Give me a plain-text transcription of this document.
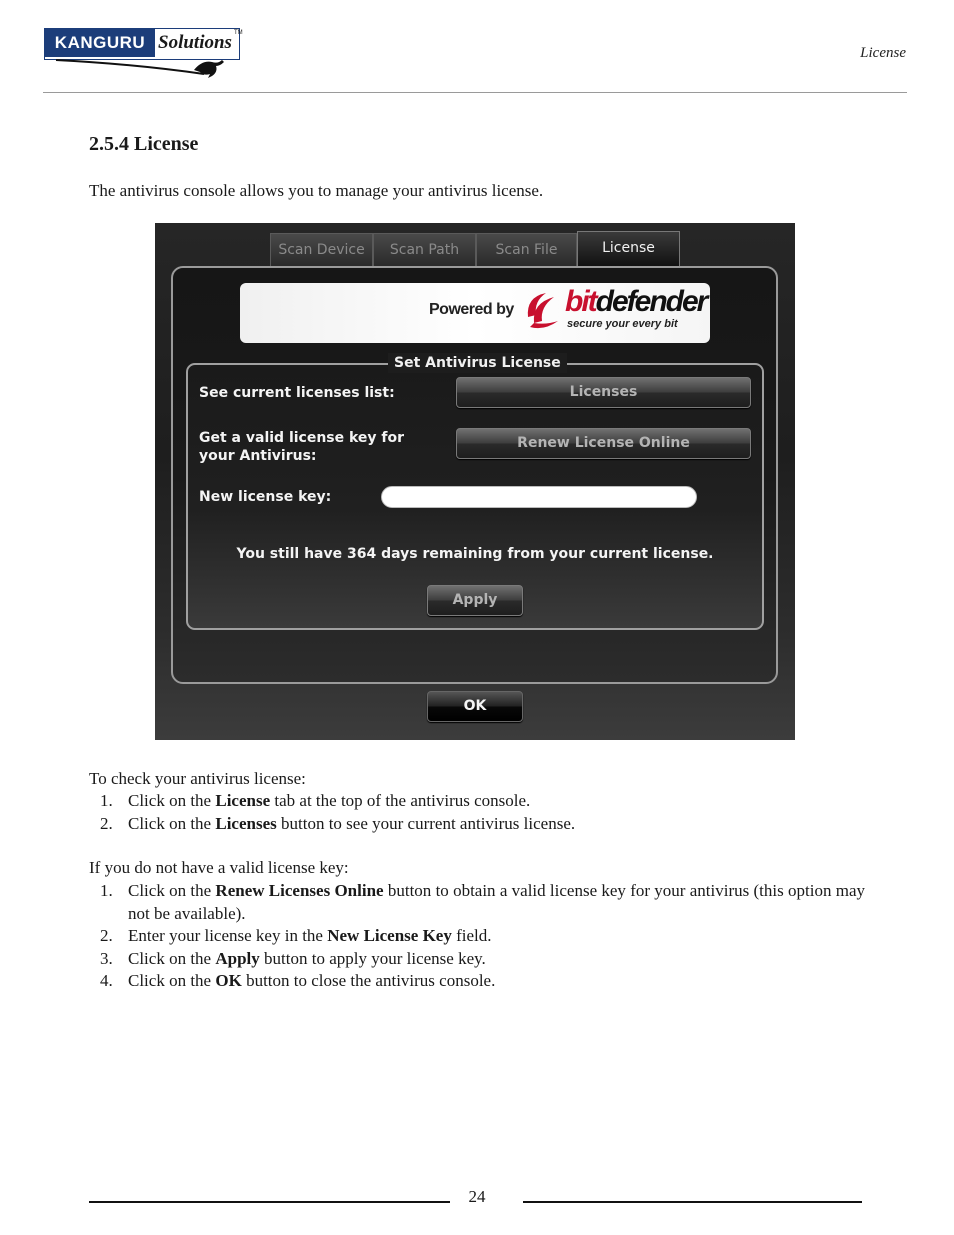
KANGURU Solutions TM
License
2.5.4 License
The antivirus console allows you to manage your antivirus license.
Scan Device	Scan Path	Scan File	License
Powered by bitdefender
secure your every bit
Set Antivirus License
See current licenses list:	Licenses
Get a valid license key for
your Antivirus:
Renew License Online
New license key:
You still have 364 days remaining from your current license.
Apply
OK
To check your antivirus license:
1. Click on the License tab at the top of the antivirus console.
2. Click on the Licenses button to see your current antivirus license.
If you do not have a valid license key:
1. Click on the Renew Licenses Online button to obtain a valid license key for your antivirus (this option may not be available).
2. Enter your license key in the New License Key field.
3. Click on the Apply button to apply your license key.
4. Click on the OK button to close the antivirus console.
24
